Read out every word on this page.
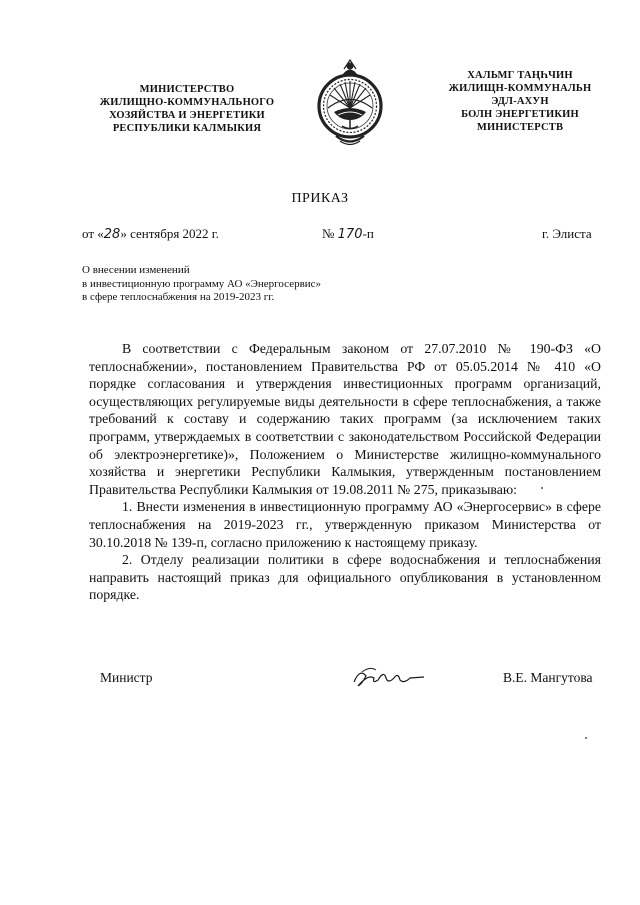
МИНИСТЕРСТВО
ЖИЛИЩНО-КОММУНАЛЬНОГО
ХОЗЯЙСТВА И ЭНЕРГЕТИКИ
РЕСПУБЛИКИ КАЛМЫКИЯ
ХАЛЬМГ ТАҢҺЧИН
ЖИЛИЩН-КОММУНАЛЬН
ЭДЛ-АХУН
БОЛН ЭНЕРГЕТИКИН
МИНИСТЕРСТВ
ПРИКАЗ
от «28» сентября 2022 г.	№ 170-п	г. Элиста
О внесении изменений
в инвестиционную программу АО «Энергосервис»
в сфере теплоснабжения на 2019-2023 гг.

В соответствии с Федеральным законом от 27.07.2010 № 190-ФЗ «О теплоснабжении», постановлением Правительства РФ от 05.05.2014 № 410 «О порядке согласования и утверждения инвестиционных программ организаций, осуществляющих регулируемые виды деятельности в сфере теплоснабжения, а также требований к составу и содержанию таких программ (за исключением таких программ, утверждаемых в соответствии с законодательством Российской Федерации об электроэнергетике)», Положением о Министерстве жилищно-коммунального хозяйства и энергетики Республики Калмыкия, утвержденным постановлением Правительства Республики Калмыкия от 19.08.2011 № 275, приказываю:

1. Внести изменения в инвестиционную программу АО «Энергосервис» в сфере теплоснабжения на 2019-2023 гг., утвержденную приказом Министерства от 30.10.2018 № 139-п, согласно приложению к настоящему приказу.

2. Отделу реализации политики в сфере водоснабжения и теплоснабжения направить настоящий приказ для официального опубликования в установленном порядке.

Министр	В.Е. Мангутова
